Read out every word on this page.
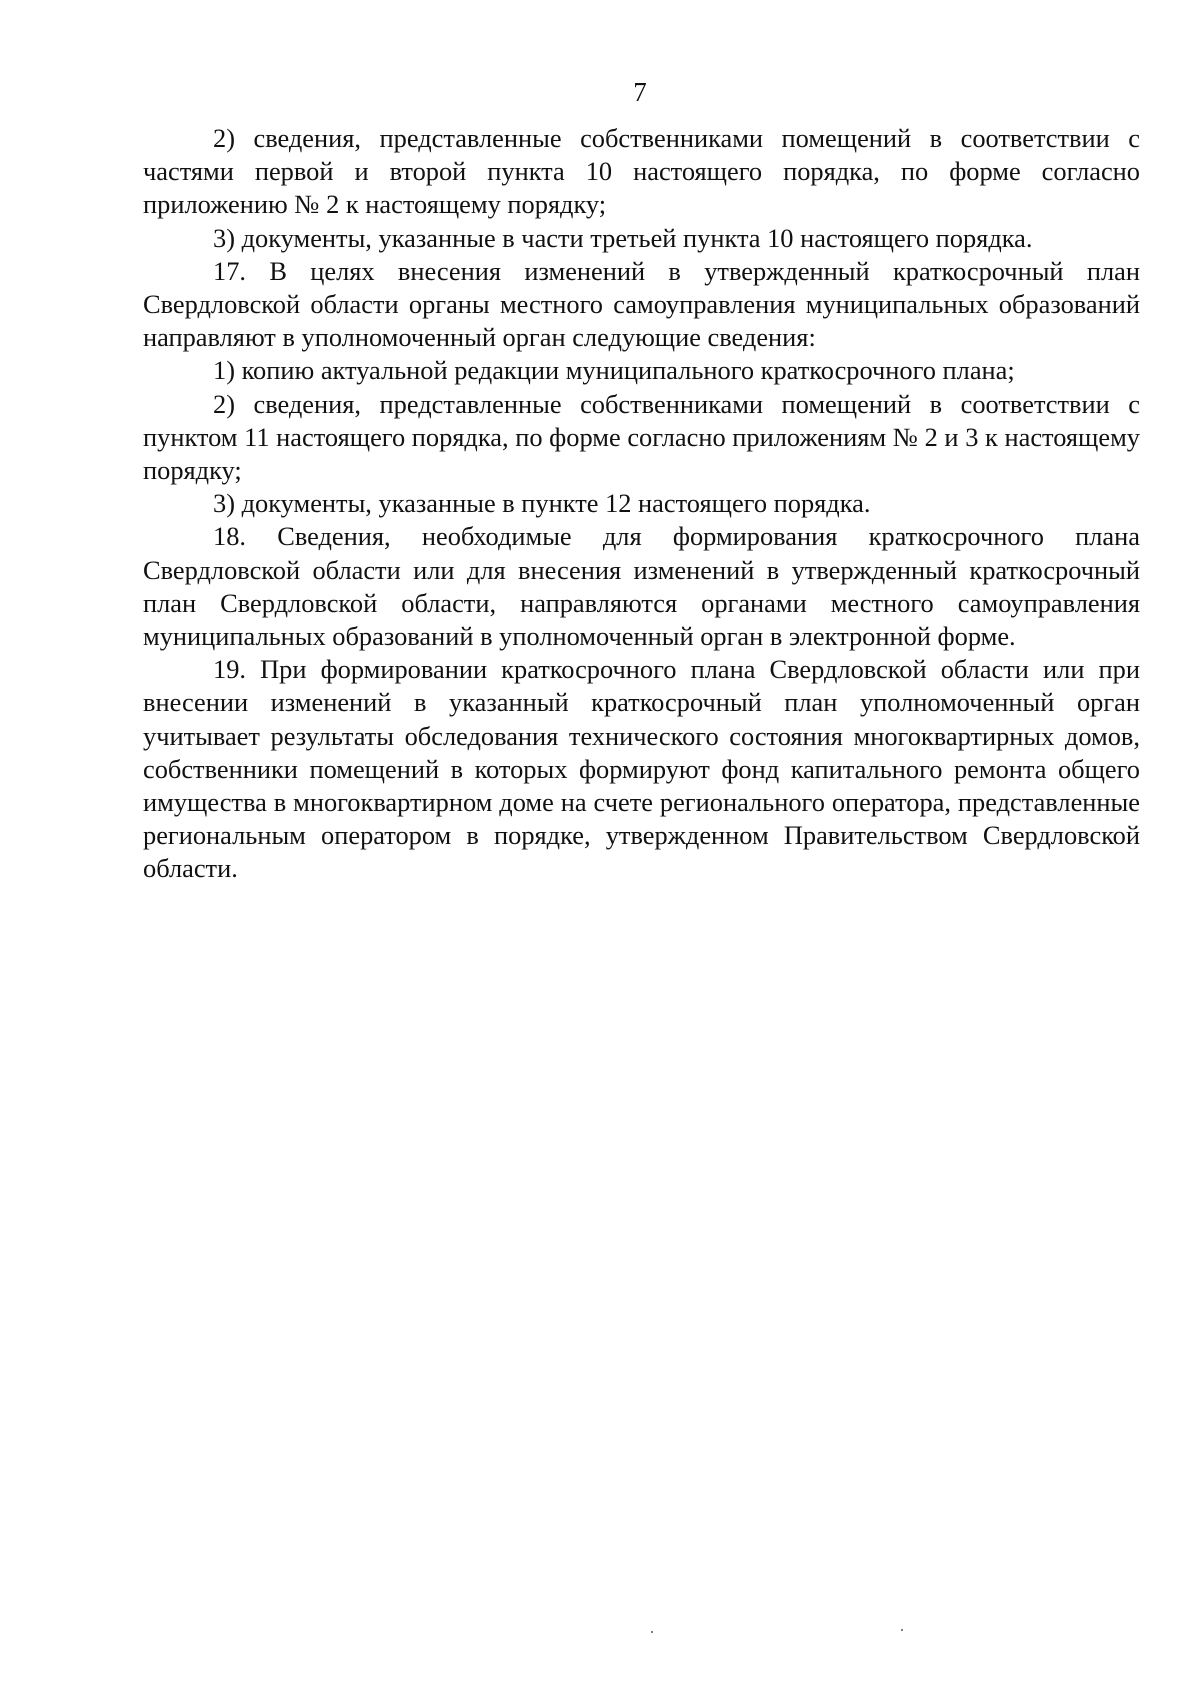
7

2) сведения, представленные собственниками помещений в соответствии с частями первой и второй пункта 10 настоящего порядка, по форме согласно приложению № 2 к настоящему порядку;

3) документы, указанные в части третьей пункта 10 настоящего порядка.

17. В целях внесения изменений в утвержденный краткосрочный план Свердловской области органы местного самоуправления муниципальных образований направляют в уполномоченный орган следующие сведения:

1) копию актуальной редакции муниципального краткосрочного плана;

2) сведения, представленные собственниками помещений в соответствии с пунктом 11 настоящего порядка, по форме согласно приложениям № 2 и 3 к настоящему порядку;

3) документы, указанные в пункте 12 настоящего порядка.

18. Сведения, необходимые для формирования краткосрочного плана Свердловской области или для внесения изменений в утвержденный краткосрочный план Свердловской области, направляются органами местного самоуправления муниципальных образований в уполномоченный орган в электронной форме.

19. При формировании краткосрочного плана Свердловской области или при внесении изменений в указанный краткосрочный план уполномоченный орган учитывает результаты обследования технического состояния многоквартирных домов, собственники помещений в которых формируют фонд капитального ремонта общего имущества в многоквартирном доме на счете регионального оператора, представленные региональным оператором в порядке, утвержденном Правительством Свердловской области.
